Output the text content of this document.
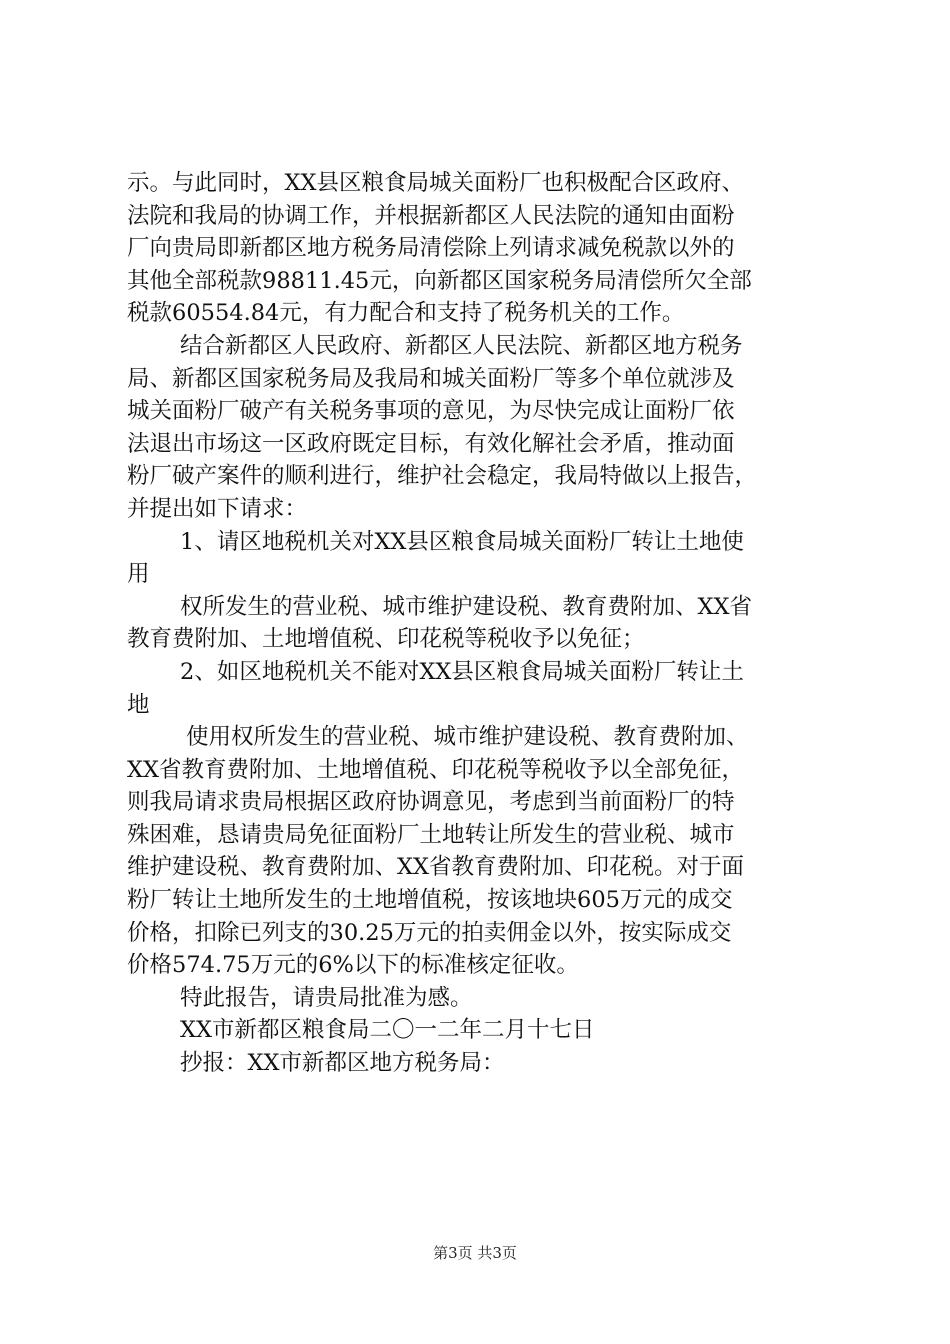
示。与此同时，XX县区粮食局城关面粉厂也积极配合区政府、
法院和我局的协调工作，并根据新都区人民法院的通知由面粉
厂向贵局即新都区地方税务局清偿除上列请求减免税款以外的
其他全部税款98811.45元，向新都区国家税务局清偿所欠全部
税款60554.84元，有力配合和支持了税务机关的工作。
结合新都区人民政府、新都区人民法院、新都区地方税务
局、新都区国家税务局及我局和城关面粉厂等多个单位就涉及
城关面粉厂破产有关税务事项的意见，为尽快完成让面粉厂依
法退出市场这一区政府既定目标，有效化解社会矛盾，推动面
粉厂破产案件的顺利进行，维护社会稳定，我局特做以上报告，
并提出如下请求：
1、请区地税机关对XX县区粮食局城关面粉厂转让土地使
用
权所发生的营业税、城市维护建设税、教育费附加、XX省
教育费附加、土地增值税、印花税等税收予以免征；
2、如区地税机关不能对XX县区粮食局城关面粉厂转让土
地
使用权所发生的营业税、城市维护建设税、教育费附加、
XX省教育费附加、土地增值税、印花税等税收予以全部免征，
则我局请求贵局根据区政府协调意见，考虑到当前面粉厂的特
殊困难，恳请贵局免征面粉厂土地转让所发生的营业税、城市
维护建设税、教育费附加、XX省教育费附加、印花税。对于面
粉厂转让土地所发生的土地增值税，按该地块605万元的成交
价格，扣除已列支的30.25万元的拍卖佣金以外，按实际成交
价格574.75万元的6%以下的标准核定征收。
特此报告，请贵局批准为感。
XX市新都区粮食局二〇一二年二月十七日
抄报：XX市新都区地方税务局：
第3页 共3页
